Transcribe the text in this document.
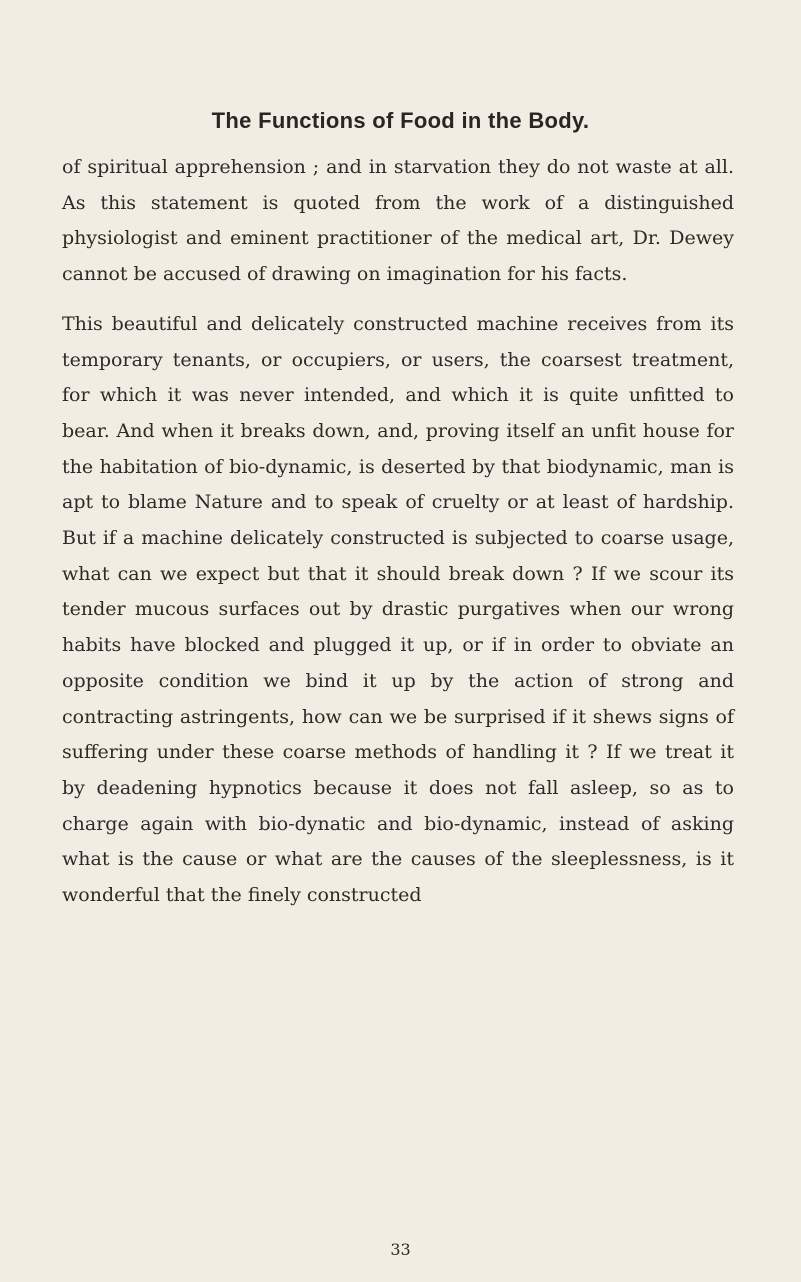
The Functions of Food in the Body.

of spiritual apprehension ; and in starvation they do not waste at all. As this statement is quoted from the work of a distinguished physiologist and eminent practitioner of the medical art, Dr. Dewey cannot be accused of drawing on imagination for his facts.

This beautiful and delicately constructed machine receives from its temporary tenants, or occupiers, or users, the coarsest treatment, for which it was never intended, and which it is quite unfitted to bear. And when it breaks down, and, proving itself an unfit house for the habitation of bio-dynamic, is deserted by that biodynamic, man is apt to blame Nature and to speak of cruelty or at least of hardship. But if a machine delicately constructed is subjected to coarse usage, what can we expect but that it should break down ? If we scour its tender mucous surfaces out by drastic purgatives when our wrong habits have blocked and plugged it up, or if in order to obviate an opposite condition we bind it up by the action of strong and contracting astringents, how can we be surprised if it shews signs of suffering under these coarse methods of handling it ? If we treat it by deadening hypnotics because it does not fall asleep, so as to charge again with bio-dynatic and bio-dynamic, instead of asking what is the cause or what are the causes of the sleeplessness, is it wonderful that the finely constructed

33
